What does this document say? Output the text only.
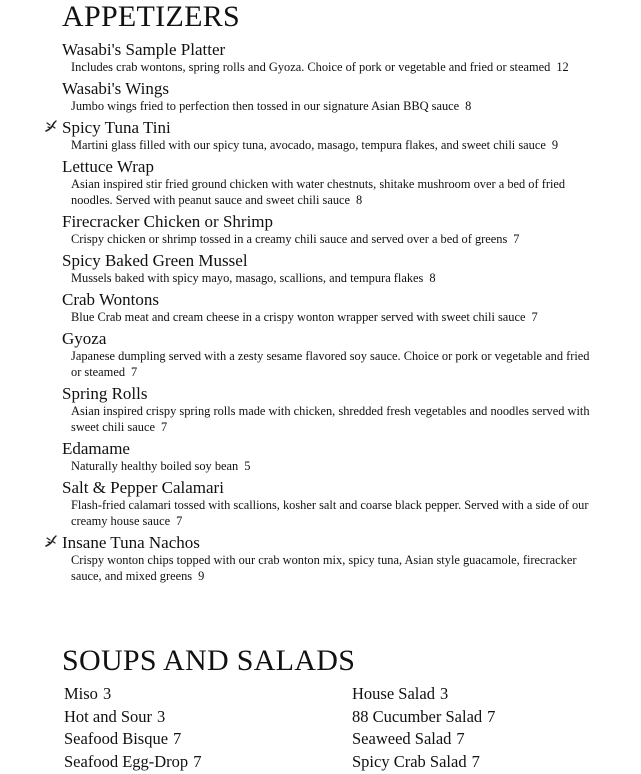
APPETIZERS
Wasabi's Sample Platter
Includes crab wontons, spring rolls and Gyoza. Choice of pork or vegetable and fried or steamed 12
Wasabi's Wings
Jumbo wings fried to perfection then tossed in our signature Asian BBQ sauce 8
Spicy Tuna Tini
Martini glass filled with our spicy tuna, avocado, masago, tempura flakes, and sweet chili sauce 9
Lettuce Wrap
Asian inspired stir fried ground chicken with water chestnuts, shitake mushroom over a bed of fried noodles. Served with peanut sauce and sweet chili sauce 8
Firecracker Chicken or Shrimp
Crispy chicken or shrimp tossed in a creamy chili sauce and served over a bed of greens 7
Spicy Baked Green Mussel
Mussels baked with spicy mayo, masago, scallions, and tempura flakes 8
Crab Wontons
Blue Crab meat and cream cheese in a crispy wonton wrapper served with sweet chili sauce 7
Gyoza
Japanese dumpling served with a zesty sesame flavored soy sauce. Choice or pork or vegetable and fried or steamed 7
Spring Rolls
Asian inspired crispy spring rolls made with chicken, shredded fresh vegetables and noodles served with sweet chili sauce 7
Edamame
Naturally healthy boiled soy bean 5
Salt & Pepper Calamari
Flash-fried calamari tossed with scallions, kosher salt and coarse black pepper. Served with a side of our creamy house sauce 7
Insane Tuna Nachos
Crispy wonton chips topped with our crab wonton mix, spicy tuna, Asian style guacamole, firecracker sauce, and mixed greens 9
SOUPS AND SALADS
Miso 3
Hot and Sour 3
Seafood Bisque 7
Seafood Egg-Drop 7
House Salad 3
88 Cucumber Salad 7
Seaweed Salad 7
Spicy Crab Salad 7
